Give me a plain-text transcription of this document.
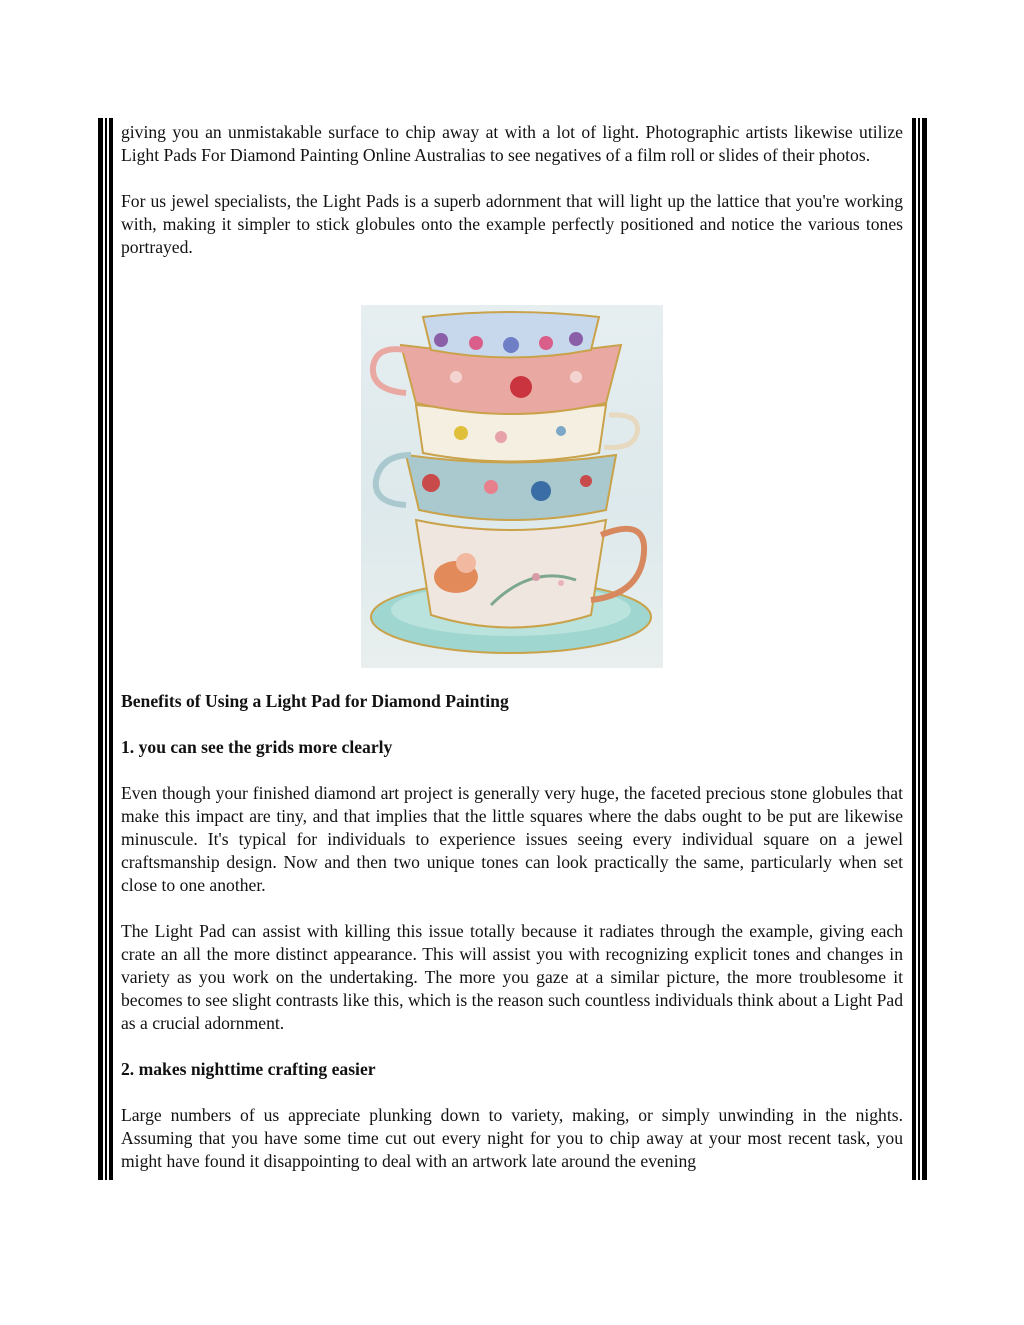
giving you an unmistakable surface to chip away at with a lot of light. Photographic artists likewise utilize Light Pads For Diamond Painting Online Australias to see negatives of a film roll or slides of their photos.

For us jewel specialists, the Light Pads is a superb adornment that will light up the lattice that you're working with, making it simpler to stick globules onto the example perfectly positioned and notice the various tones portrayed.

Benefits of Using a Light Pad for Diamond Painting

1. you can see the grids more clearly

Even though your finished diamond art project is generally very huge, the faceted precious stone globules that make this impact are tiny, and that implies that the little squares where the dabs ought to be put are likewise minuscule. It's typical for individuals to experience issues seeing every individual square on a jewel craftsmanship design. Now and then two unique tones can look practically the same, particularly when set close to one another.

The Light Pad can assist with killing this issue totally because it radiates through the example, giving each crate an all the more distinct appearance. This will assist you with recognizing explicit tones and changes in variety as you work on the undertaking. The more you gaze at a similar picture, the more troublesome it becomes to see slight contrasts like this, which is the reason such countless individuals think about a Light Pad as a crucial adornment.

2. makes nighttime crafting easier

Large numbers of us appreciate plunking down to variety, making, or simply unwinding in the nights. Assuming that you have some time cut out every night for you to chip away at your most recent task, you might have found it disappointing to deal with an artwork late around the evening
